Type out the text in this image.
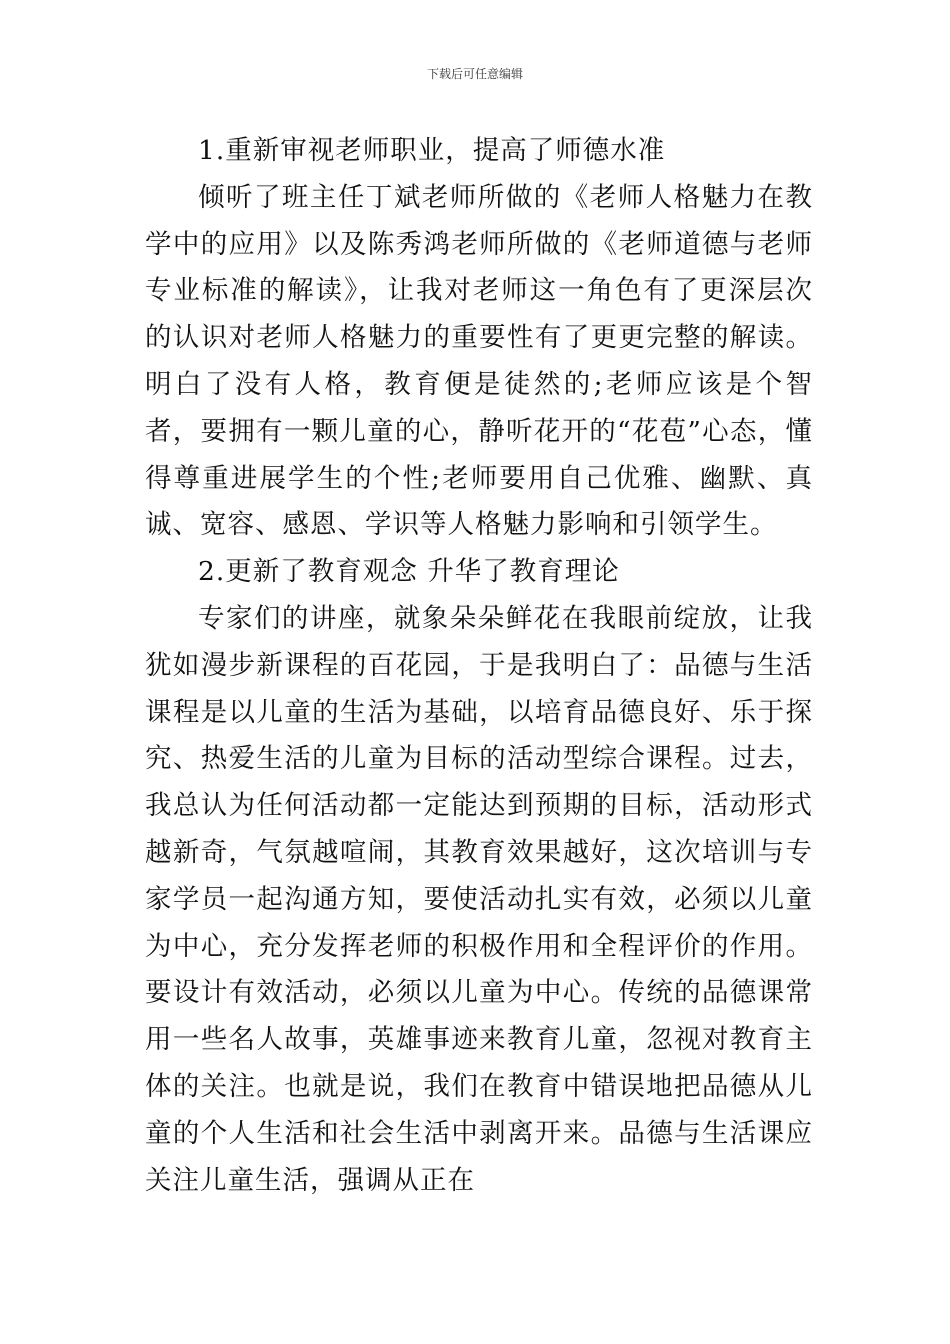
下载后可任意编辑

1.重新审视老师职业，提高了师德水准

倾听了班主任丁斌老师所做的《老师人格魅力在教学中的应用》以及陈秀鸿老师所做的《老师道德与老师专业标准的解读》，让我对老师这一角色有了更深层次的认识对老师人格魅力的重要性有了更更完整的解读。明白了没有人格，教育便是徒然的;老师应该是个智者，要拥有一颗儿童的心，静听花开的“花苞”心态，懂得尊重进展学生的个性;老师要用自己优雅、幽默、真诚、宽容、感恩、学识等人格魅力影响和引领学生。

2.更新了教育观念 升华了教育理论

专家们的讲座，就象朵朵鲜花在我眼前绽放，让我犹如漫步新课程的百花园，于是我明白了：品德与生活课程是以儿童的生活为基础，以培育品德良好、乐于探究、热爱生活的儿童为目标的活动型综合课程。过去，我总认为任何活动都一定能达到预期的目标，活动形式越新奇，气氛越喧闹，其教育效果越好，这次培训与专家学员一起沟通方知，要使活动扎实有效，必须以儿童为中心，充分发挥老师的积极作用和全程评价的作用。要设计有效活动，必须以儿童为中心。传统的品德课常用一些名人故事，英雄事迹来教育儿童，忽视对教育主体的关注。也就是说，我们在教育中错误地把品德从儿童的个人生活和社会生活中剥离开来。品德与生活课应关注儿童生活，强调从正在
